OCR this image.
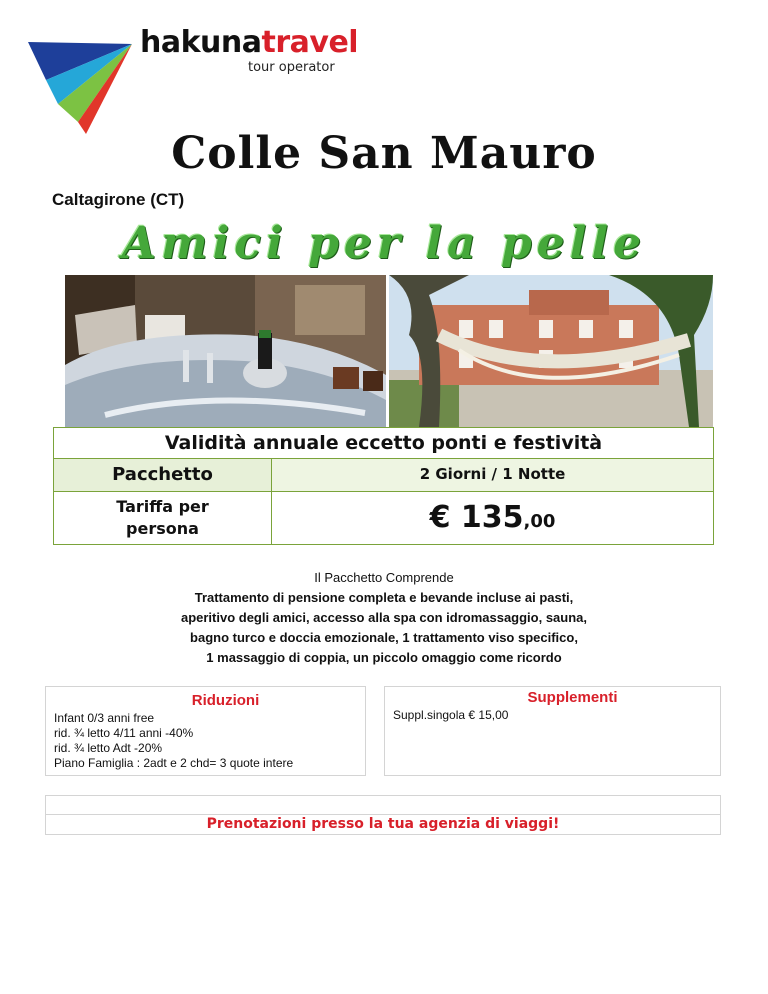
hakunatravel
tour operator
Colle San Mauro
Caltagirone (CT)
Amici per la pelle
Validità annuale eccetto ponti e festività
Pacchetto	2 Giorni / 1 Notte
Tariffa per
persona	€ 135,00
Il Pacchetto Comprende
Trattamento di pensione completa e bevande incluse ai pasti,
aperitivo degli amici, accesso alla spa con idromassaggio, sauna,
bagno turco e doccia emozionale, 1 trattamento viso specifico,
1 massaggio di coppia, un piccolo omaggio come ricordo
Riduzioni
Infant 0/3 anni free
rid. ¾ letto 4/11 anni -40%
rid. ¾ letto Adt -20%
Piano Famiglia : 2adt e 2 chd= 3 quote intere
Supplementi
Suppl.singola € 15,00
Prenotazioni presso la tua agenzia di viaggi!
